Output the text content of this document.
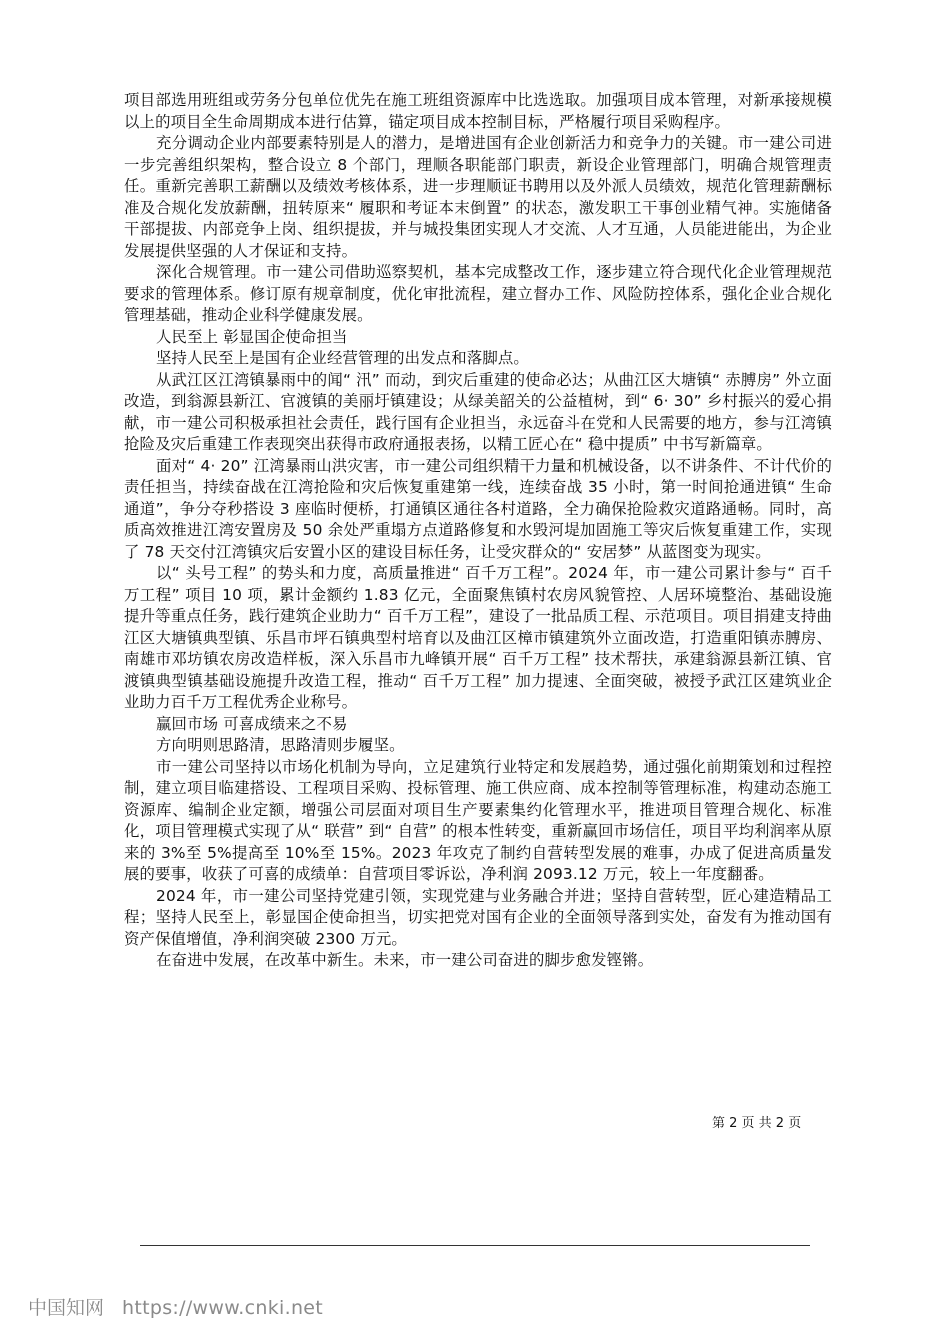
项目部选用班组或劳务分包单位优先在施工班组资源库中比选选取。加强项目成本管理，对新承接规模以上的项目全生命周期成本进行估算，锚定项目成本控制目标，严格履行项目采购程序。

充分调动企业内部要素特别是人的潜力，是增进国有企业创新活力和竞争力的关键。市一建公司进一步完善组织架构，整合设立 8 个部门，理顺各职能部门职责，新设企业管理部门，明确合规管理责任。重新完善职工薪酬以及绩效考核体系，进一步理顺证书聘用以及外派人员绩效，规范化管理薪酬标准及合规化发放薪酬，扭转原来“ 履职和考证本末倒置” 的状态，激发职工干事创业精气神。实施储备干部提拔、内部竞争上岗、组织提拔，并与城投集团实现人才交流、人才互通，人员能进能出，为企业发展提供坚强的人才保证和支持。

深化合规管理。市一建公司借助巡察契机，基本完成整改工作，逐步建立符合现代化企业管理规范要求的管理体系。修订原有规章制度，优化审批流程，建立督办工作、风险防控体系，强化企业合规化管理基础，推动企业科学健康发展。

人民至上 彰显国企使命担当

坚持人民至上是国有企业经营管理的出发点和落脚点。

从武江区江湾镇暴雨中的闻“ 汛” 而动，到灾后重建的使命必达；从曲江区大塘镇“ 赤膊房” 外立面改造，到翁源县新江、官渡镇的美丽圩镇建设；从绿美韶关的公益植树，到“ 6· 30” 乡村振兴的爱心捐献，市一建公司积极承担社会责任，践行国有企业担当，永远奋斗在党和人民需要的地方，参与江湾镇抢险及灾后重建工作表现突出获得市政府通报表扬，以精工匠心在“ 稳中提质” 中书写新篇章。

面对“ 4· 20” 江湾暴雨山洪灾害，市一建公司组织精干力量和机械设备，以不讲条件、不计代价的责任担当，持续奋战在江湾抢险和灾后恢复重建第一线，连续奋战 35 小时，第一时间抢通进镇“ 生命通道”，争分夺秒搭设 3 座临时便桥，打通镇区通往各村道路，全力确保抢险救灾道路通畅。同时，高质高效推进江湾安置房及 50 余处严重塌方点道路修复和水毁河堤加固施工等灾后恢复重建工作，实现了 78 天交付江湾镇灾后安置小区的建设目标任务，让受灾群众的“ 安居梦” 从蓝图变为现实。

以“ 头号工程” 的势头和力度，高质量推进“ 百千万工程”。2024 年，市一建公司累计参与“ 百千万工程” 项目 10 项，累计金额约 1.83 亿元，全面聚焦镇村农房风貌管控、人居环境整治、基础设施提升等重点任务，践行建筑企业助力“ 百千万工程”，建设了一批品质工程、示范项目。项目捐建支持曲江区大塘镇典型镇、乐昌市坪石镇典型村培育以及曲江区樟市镇建筑外立面改造，打造重阳镇赤膊房、南雄市邓坊镇农房改造样板，深入乐昌市九峰镇开展“ 百千万工程” 技术帮扶，承建翁源县新江镇、官渡镇典型镇基础设施提升改造工程，推动“ 百千万工程” 加力提速、全面突破，被授予武江区建筑业企业助力百千万工程优秀企业称号。

赢回市场 可喜成绩来之不易

方向明则思路清，思路清则步履坚。

市一建公司坚持以市场化机制为导向，立足建筑行业特定和发展趋势，通过强化前期策划和过程控制，建立项目临建搭设、工程项目采购、投标管理、施工供应商、成本控制等管理标准，构建动态施工资源库、编制企业定额，增强公司层面对项目生产要素集约化管理水平，推进项目管理合规化、标准化，项目管理模式实现了从“ 联营” 到“ 自营” 的根本性转变，重新赢回市场信任，项目平均利润率从原来的 3%至 5%提高至 10%至 15%。2023 年攻克了制约自营转型发展的难事，办成了促进高质量发展的要事，收获了可喜的成绩单：自营项目零诉讼，净利润 2093.12 万元，较上一年度翻番。

2024 年，市一建公司坚持党建引领，实现党建与业务融合并进；坚持自营转型，匠心建造精品工程；坚持人民至上，彰显国企使命担当，切实把党对国有企业的全面领导落到实处，奋发有为推动国有资产保值增值，净利润突破 2300 万元。

在奋进中发展，在改革中新生。未来，市一建公司奋进的脚步愈发铿锵。

第 2 页 共 2 页
中国知网 https://www.cnki.net
